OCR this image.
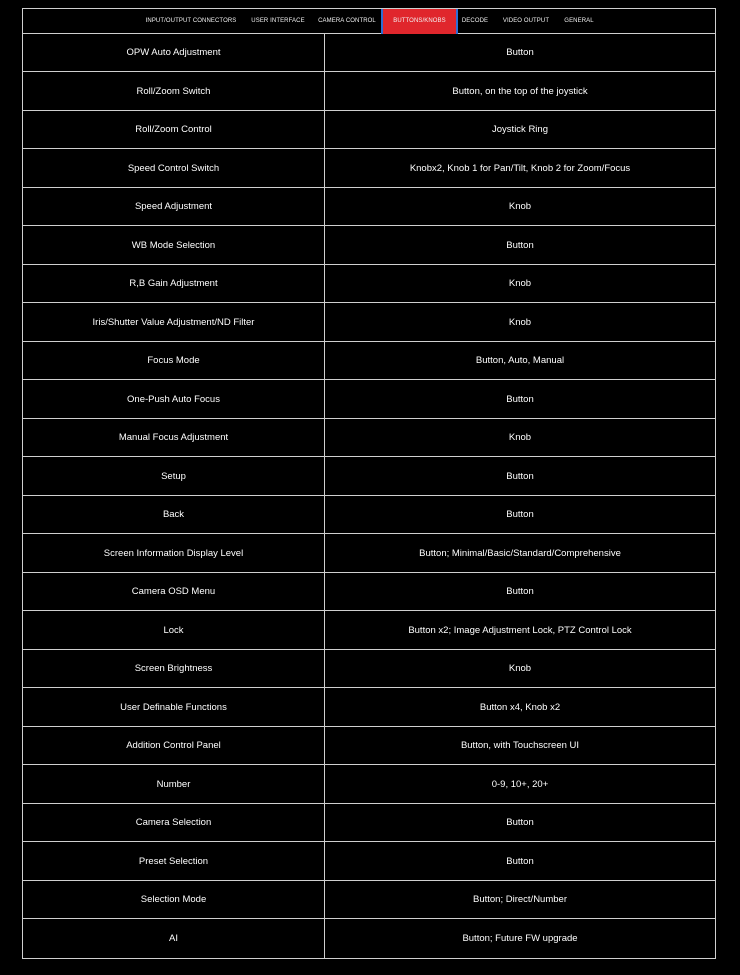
INPUT/OUTPUT CONNECTORS	USER INTERFACE	CAMERA CONTROL	BUTTONS/KNOBS	DECODE	VIDEO OUTPUT	GENERAL
OPW Auto Adjustment	Button
Roll/Zoom Switch	Button, on the top of the joystick
Roll/Zoom Control	Joystick Ring
Speed Control Switch	Knobx2, Knob 1 for Pan/Tilt, Knob 2 for Zoom/Focus
Speed Adjustment	Knob
WB Mode Selection	Button
R,B Gain Adjustment	Knob
Iris/Shutter Value Adjustment/ND Filter	Knob
Focus Mode	Button, Auto, Manual
One-Push Auto Focus	Button
Manual Focus Adjustment	Knob
Setup	Button
Back	Button
Screen Information Display Level	Button; Minimal/Basic/Standard/Comprehensive
Camera OSD Menu	Button
Lock	Button x2; Image Adjustment Lock, PTZ Control Lock
Screen Brightness	Knob
User Definable Functions	Button x4, Knob x2
Addition Control Panel	Button, with Touchscreen UI
Number	0-9, 10+, 20+
Camera Selection	Button
Preset Selection	Button
Selection Mode	Button; Direct/Number
AI	Button; Future FW upgrade
